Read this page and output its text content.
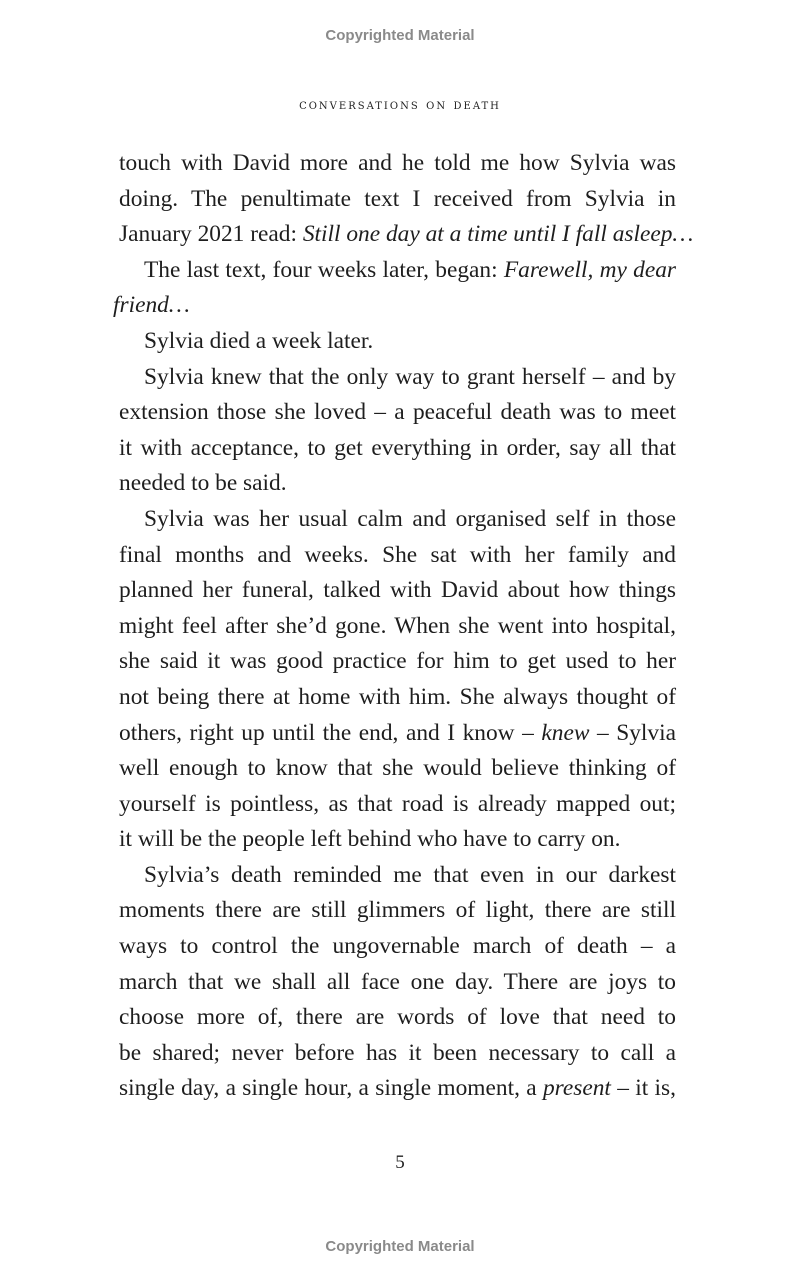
Copyrighted Material
conversations on death

touch with David more and he told me how Sylvia was
doing. The penultimate text I received from Sylvia in
January 2021 read: Still one day at a time until I fall asleep…

The last text, four weeks later, began: Farewell, my dear
friend…

Sylvia died a week later.

Sylvia knew that the only way to grant herself – and by
extension those she loved – a peaceful death was to meet
it with acceptance, to get everything in order, say all that
needed to be said.

Sylvia was her usual calm and organised self in those
final months and weeks. She sat with her family and
planned her funeral, talked with David about how things
might feel after she’d gone. When she went into hospital,
she said it was good practice for him to get used to her
not being there at home with him. She always thought of
others, right up until the end, and I know – knew – Sylvia
well enough to know that she would believe thinking of
yourself is pointless, as that road is already mapped out;
it will be the people left behind who have to carry on.

Sylvia’s death reminded me that even in our darkest
moments there are still glimmers of light, there are still
ways to control the ungovernable march of death – a
march that we shall all face one day. There are joys to
choose more of, there are words of love that need to
be shared; never before has it been necessary to call a
single day, a single hour, a single moment, a present – it is,

5
Copyrighted Material
